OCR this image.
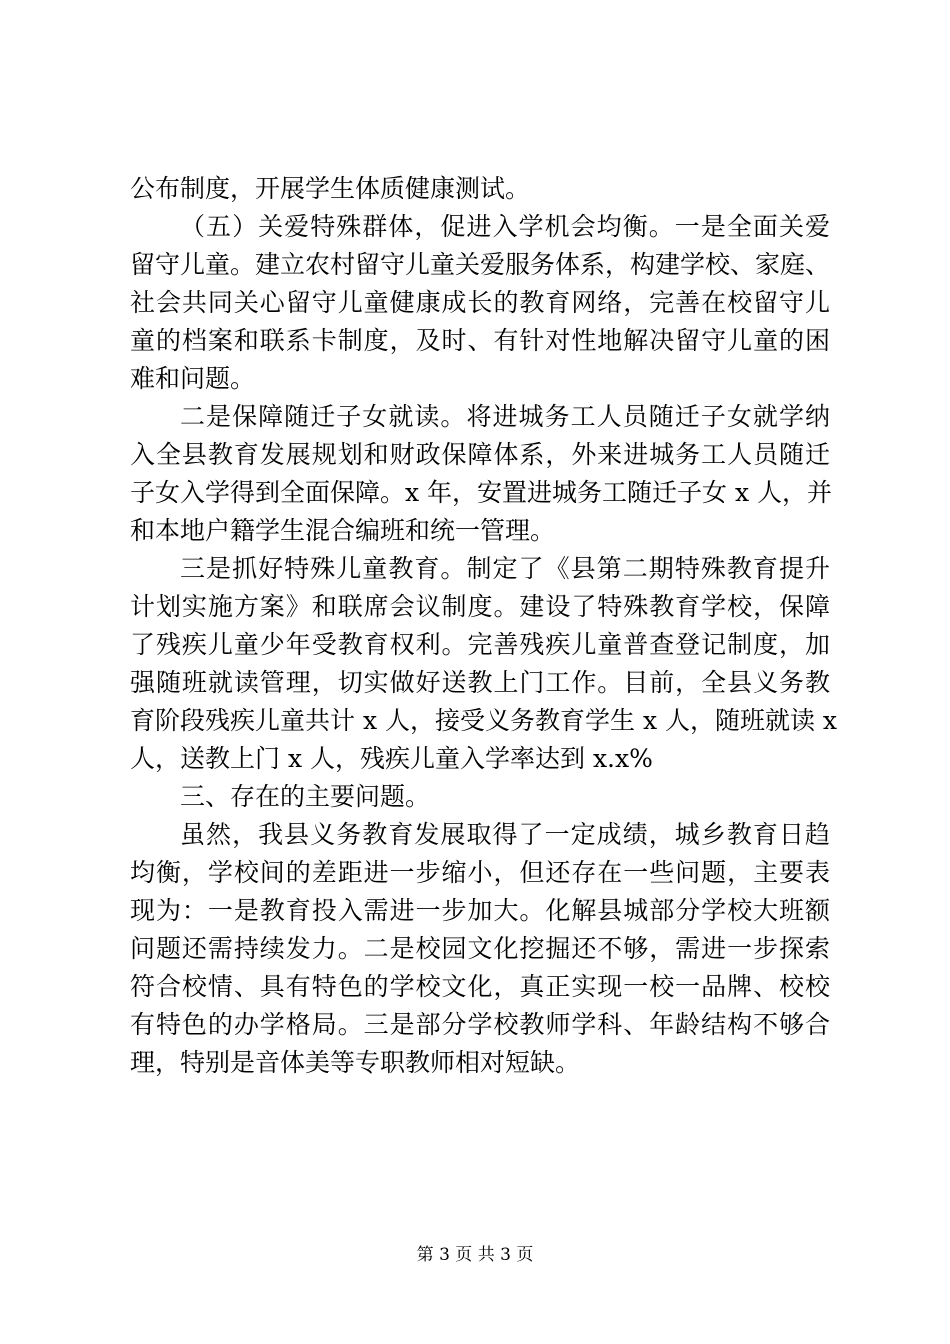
公布制度，开展学生体质健康测试。
（五）关爱特殊群体，促进入学机会均衡。一是全面关爱
留守儿童。建立农村留守儿童关爱服务体系，构建学校、家庭、
社会共同关心留守儿童健康成长的教育网络，完善在校留守儿
童的档案和联系卡制度，及时、有针对性地解决留守儿童的困
难和问题。
二是保障随迁子女就读。将进城务工人员随迁子女就学纳
入全县教育发展规划和财政保障体系，外来进城务工人员随迁
子女入学得到全面保障。x 年，安置进城务工随迁子女 x 人，并
和本地户籍学生混合编班和统一管理。
三是抓好特殊儿童教育。制定了《县第二期特殊教育提升
计划实施方案》和联席会议制度。建设了特殊教育学校，保障
了残疾儿童少年受教育权利。完善残疾儿童普查登记制度，加
强随班就读管理，切实做好送教上门工作。目前，全县义务教
育阶段残疾儿童共计 x 人，接受义务教育学生 x 人，随班就读 x
人，送教上门 x 人，残疾儿童入学率达到 x.x%
三、存在的主要问题。
虽然，我县义务教育发展取得了一定成绩，城乡教育日趋
均衡，学校间的差距进一步缩小，但还存在一些问题，主要表
现为：一是教育投入需进一步加大。化解县城部分学校大班额
问题还需持续发力。二是校园文化挖掘还不够，需进一步探索
符合校情、具有特色的学校文化，真正实现一校一品牌、校校
有特色的办学格局。三是部分学校教师学科、年龄结构不够合
理，特别是音体美等专职教师相对短缺。
第 3 页 共 3 页
